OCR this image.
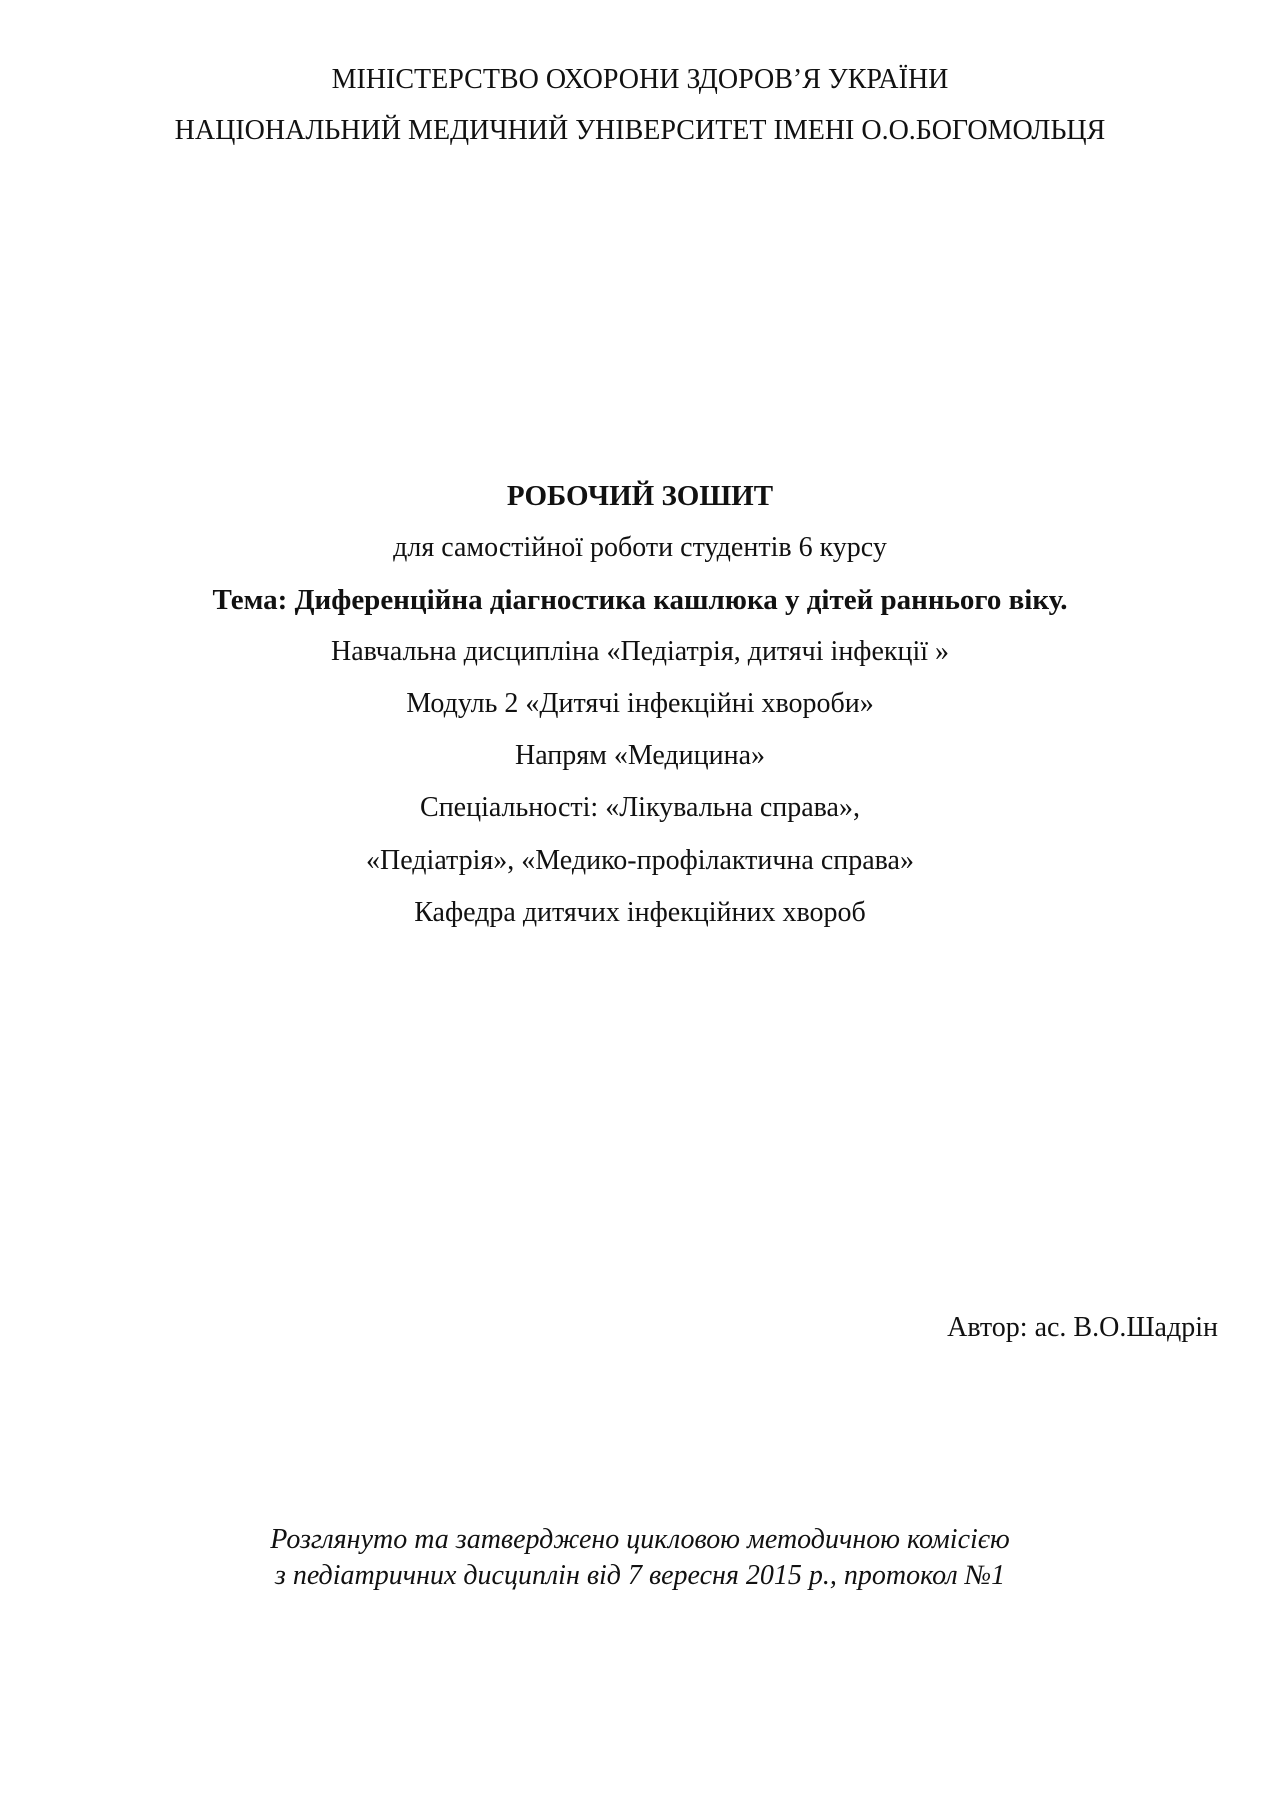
МІНІСТЕРСТВО ОХОРОНИ ЗДОРОВ’Я УКРАЇНИ
НАЦІОНАЛЬНИЙ МЕДИЧНИЙ УНІВЕРСИТЕТ ІМЕНІ О.О.БОГОМОЛЬЦЯ
РОБОЧИЙ ЗОШИТ
для самостійної роботи студентів 6 курсу
Тема: Диференційна діагностика кашлюка у дітей раннього віку.
Навчальна дисципліна «Педіатрія, дитячі інфекції »
Модуль 2 «Дитячі інфекційні хвороби»
Напрям «Медицина»
Спеціальності: «Лікувальна справа»,
«Педіатрія», «Медико-профілактична справа»
Кафедра дитячих інфекційних хвороб
Автор: ас. В.О.Шадрін
Розглянуто та затверджено цикловою методичною комісією
з педіатричних дисциплін від 7 вересня 2015 р., протокол №1
